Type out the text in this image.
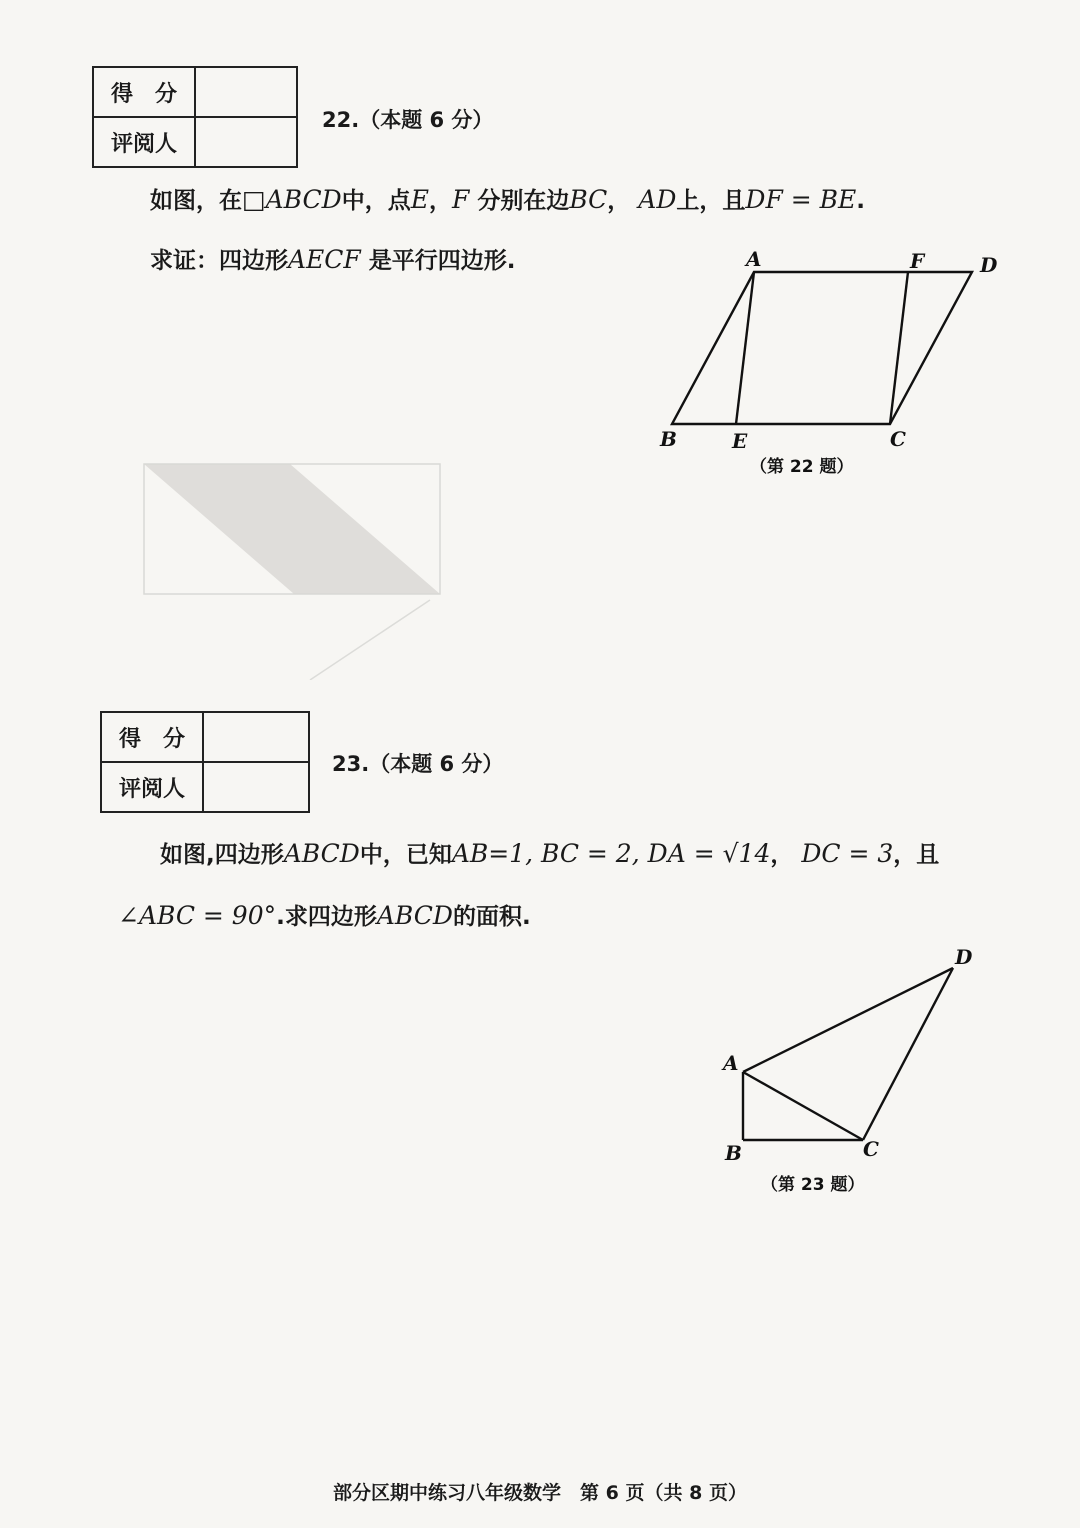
得　分	
评阅人	
22.（本题 6 分）
如图，在□ABCD中，点E，F 分别在边BC， AD上，且DF = BE.
求证：四边形AECF 是平行四边形.	A	F	D
B	E	C
（第 22 题）
得　分	
评阅人	
23.（本题 6 分）
如图,四边形ABCD中，已知AB=1, BC = 2, DA = √14， DC = 3，且
∠ABC = 90°.求四边形ABCD的面积.
A
B	C
D
（第 23 题）
部分区期中练习八年级数学　第 6 页（共 8 页）
